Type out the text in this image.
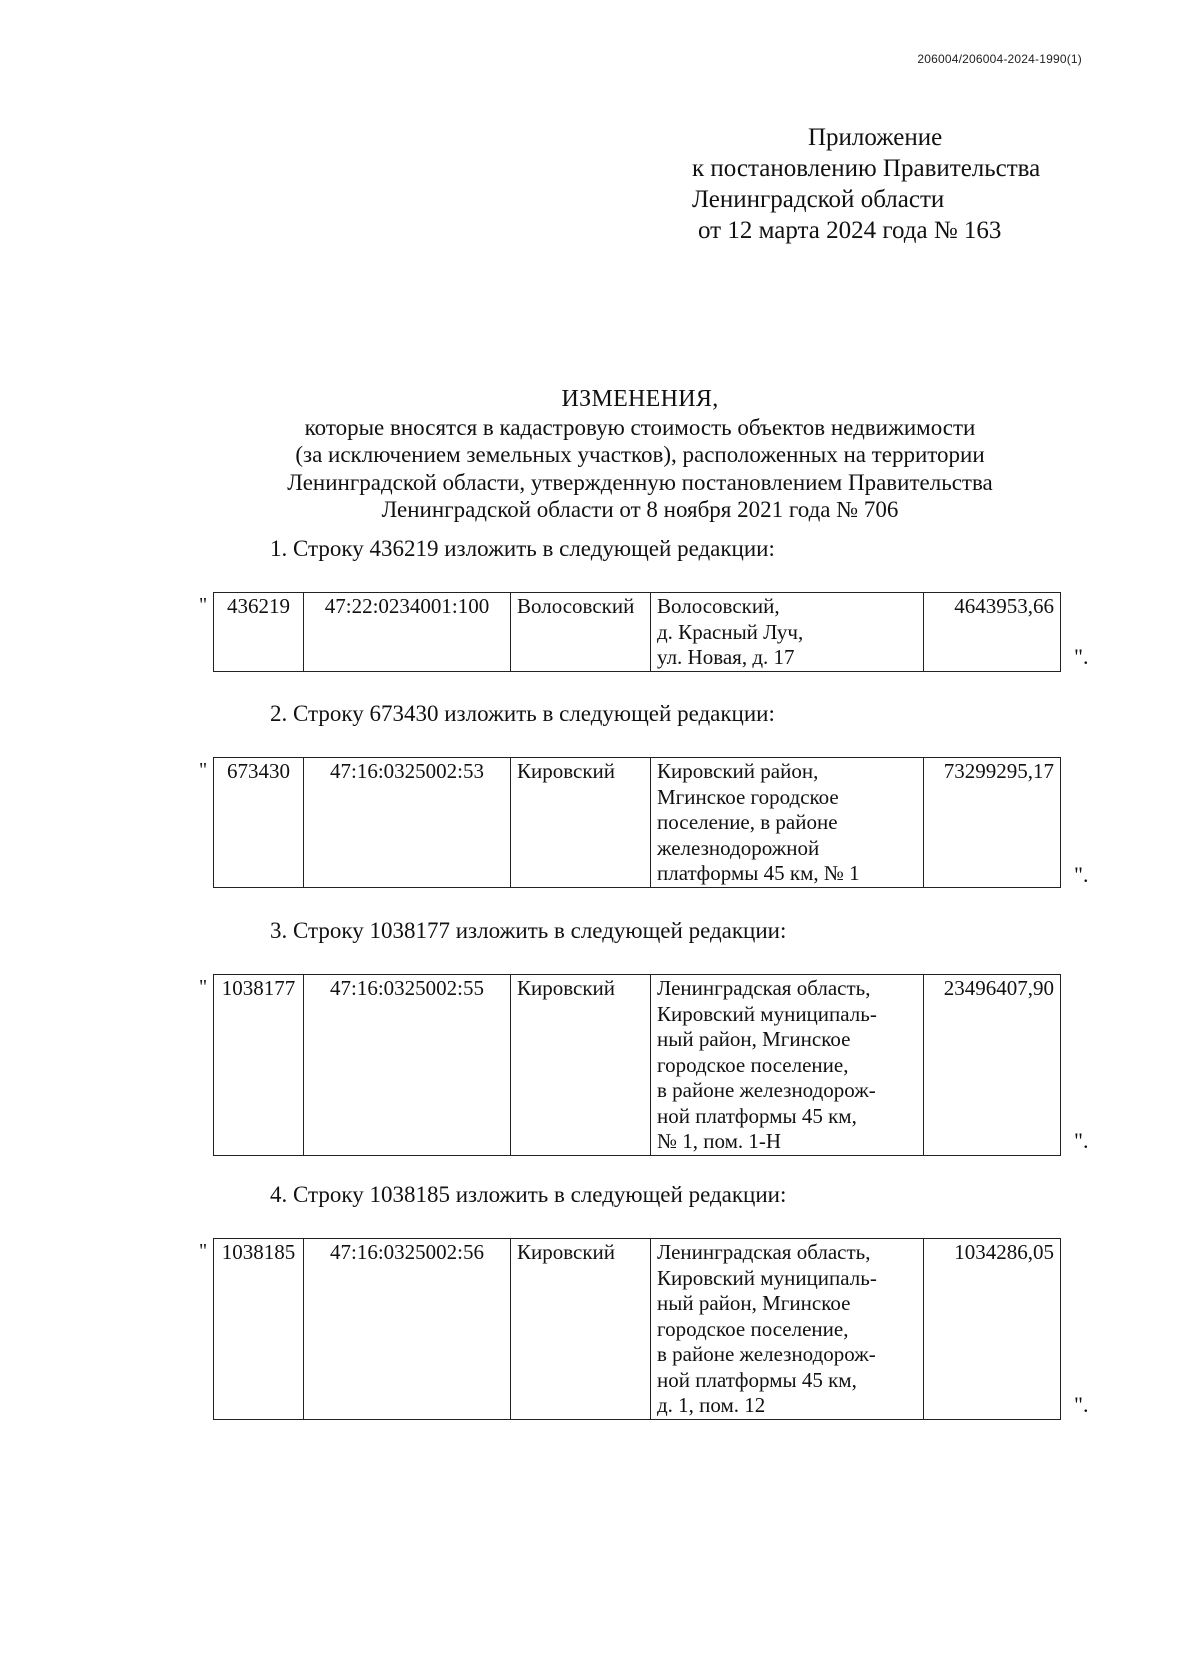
206004/206004-2024-1990(1)
Приложение
к постановлению Правительства
Ленинградской области
от 12 марта 2024 года № 163
ИЗМЕНЕНИЯ,
которые вносятся в кадастровую стоимость объектов недвижимости
(за исключением земельных участков), расположенных на территории
Ленинградской области, утвержденную постановлением Правительства
Ленинградской области от 8 ноября 2021 года № 706
1. Строку 436219 изложить в следующей редакции:
" 436219	47:22:0234001:100	Волосовский	Волосовский,
д. Красный Луч,
ул. Новая, д. 17
	4643953,66
".
2. Строку 673430 изложить в следующей редакции:
" 673430	47:16:0325002:53	Кировский	Кировский район,
Мгинское городское
поселение, в районе
железнодорожной
платформы 45 км, № 1
	73299295,17
".
3. Строку 1038177 изложить в следующей редакции:
" 1038177	47:16:0325002:55	Кировский	Ленинградская область,
Кировский муниципаль-
ный район, Мгинское
городское поселение,
в районе железнодорож-
ной платформы 45 км,
№ 1, пом. 1-Н
	23496407,90
".
4. Строку 1038185 изложить в следующей редакции:
" 1038185	47:16:0325002:56	Кировский	Ленинградская область,
Кировский муниципаль-
ный район, Мгинское
городское поселение,
в районе железнодорож-
ной платформы 45 км,
д. 1, пом. 12
	1034286,05
".
